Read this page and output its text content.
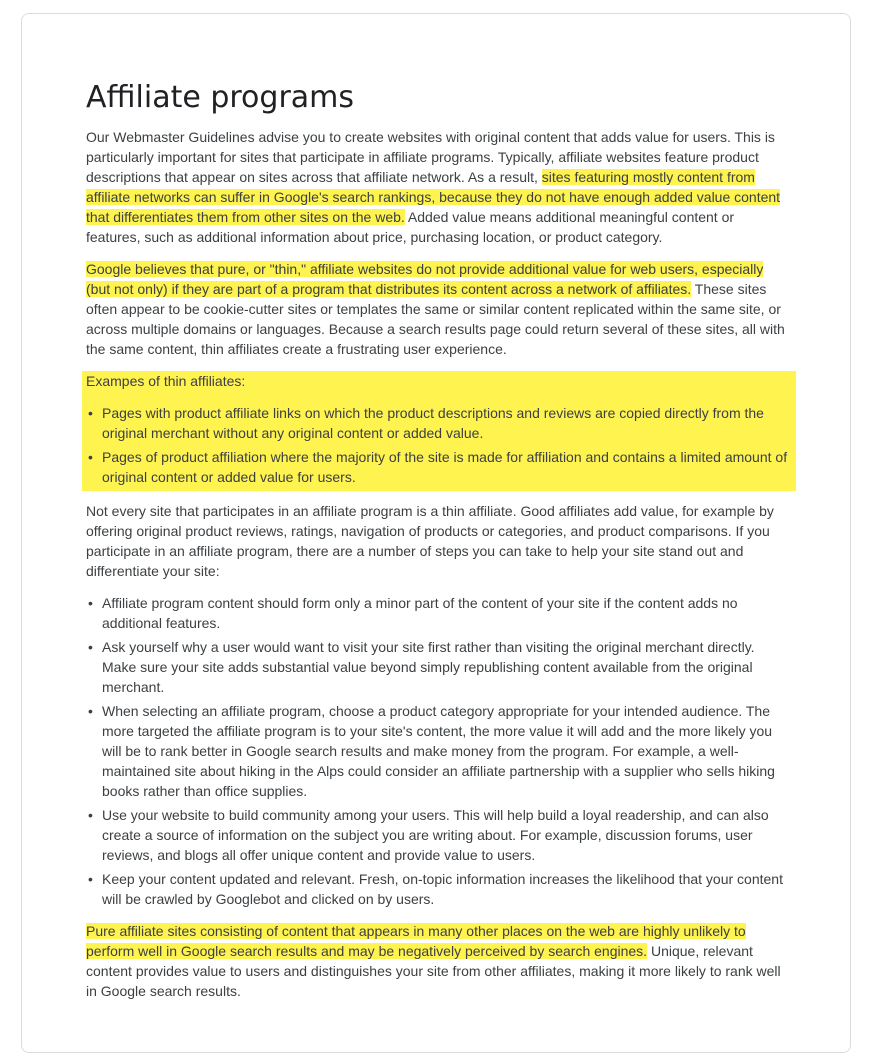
Affiliate programs

Our Webmaster Guidelines advise you to create websites with original content that adds value for users. This is particularly important for sites that participate in affiliate programs. Typically, affiliate websites feature product descriptions that appear on sites across that affiliate network. As a result, sites featuring mostly content from affiliate networks can suffer in Google's search rankings, because they do not have enough added value content that differentiates them from other sites on the web. Added value means additional meaningful content or features, such as additional information about price, purchasing location, or product category.

Google believes that pure, or "thin," affiliate websites do not provide additional value for web users, especially (but not only) if they are part of a program that distributes its content across a network of affiliates. These sites often appear to be cookie-cutter sites or templates the same or similar content replicated within the same site, or across multiple domains or languages. Because a search results page could return several of these sites, all with the same content, thin affiliates create a frustrating user experience.

Exampes of thin affiliates:

• Pages with product affiliate links on which the product descriptions and reviews are copied directly from the original merchant without any original content or added value.
• Pages of product affiliation where the majority of the site is made for affiliation and contains a limited amount of original content or added value for users.

Not every site that participates in an affiliate program is a thin affiliate. Good affiliates add value, for example by offering original product reviews, ratings, navigation of products or categories, and product comparisons. If you participate in an affiliate program, there are a number of steps you can take to help your site stand out and differentiate your site:

• Affiliate program content should form only a minor part of the content of your site if the content adds no additional features.
• Ask yourself why a user would want to visit your site first rather than visiting the original merchant directly. Make sure your site adds substantial value beyond simply republishing content available from the original merchant.
• When selecting an affiliate program, choose a product category appropriate for your intended audience. The more targeted the affiliate program is to your site's content, the more value it will add and the more likely you will be to rank better in Google search results and make money from the program. For example, a well-maintained site about hiking in the Alps could consider an affiliate partnership with a supplier who sells hiking books rather than office supplies.
• Use your website to build community among your users. This will help build a loyal readership, and can also create a source of information on the subject you are writing about. For example, discussion forums, user reviews, and blogs all offer unique content and provide value to users.
• Keep your content updated and relevant. Fresh, on-topic information increases the likelihood that your content will be crawled by Googlebot and clicked on by users.

Pure affiliate sites consisting of content that appears in many other places on the web are highly unlikely to perform well in Google search results and may be negatively perceived by search engines. Unique, relevant content provides value to users and distinguishes your site from other affiliates, making it more likely to rank well in Google search results.
